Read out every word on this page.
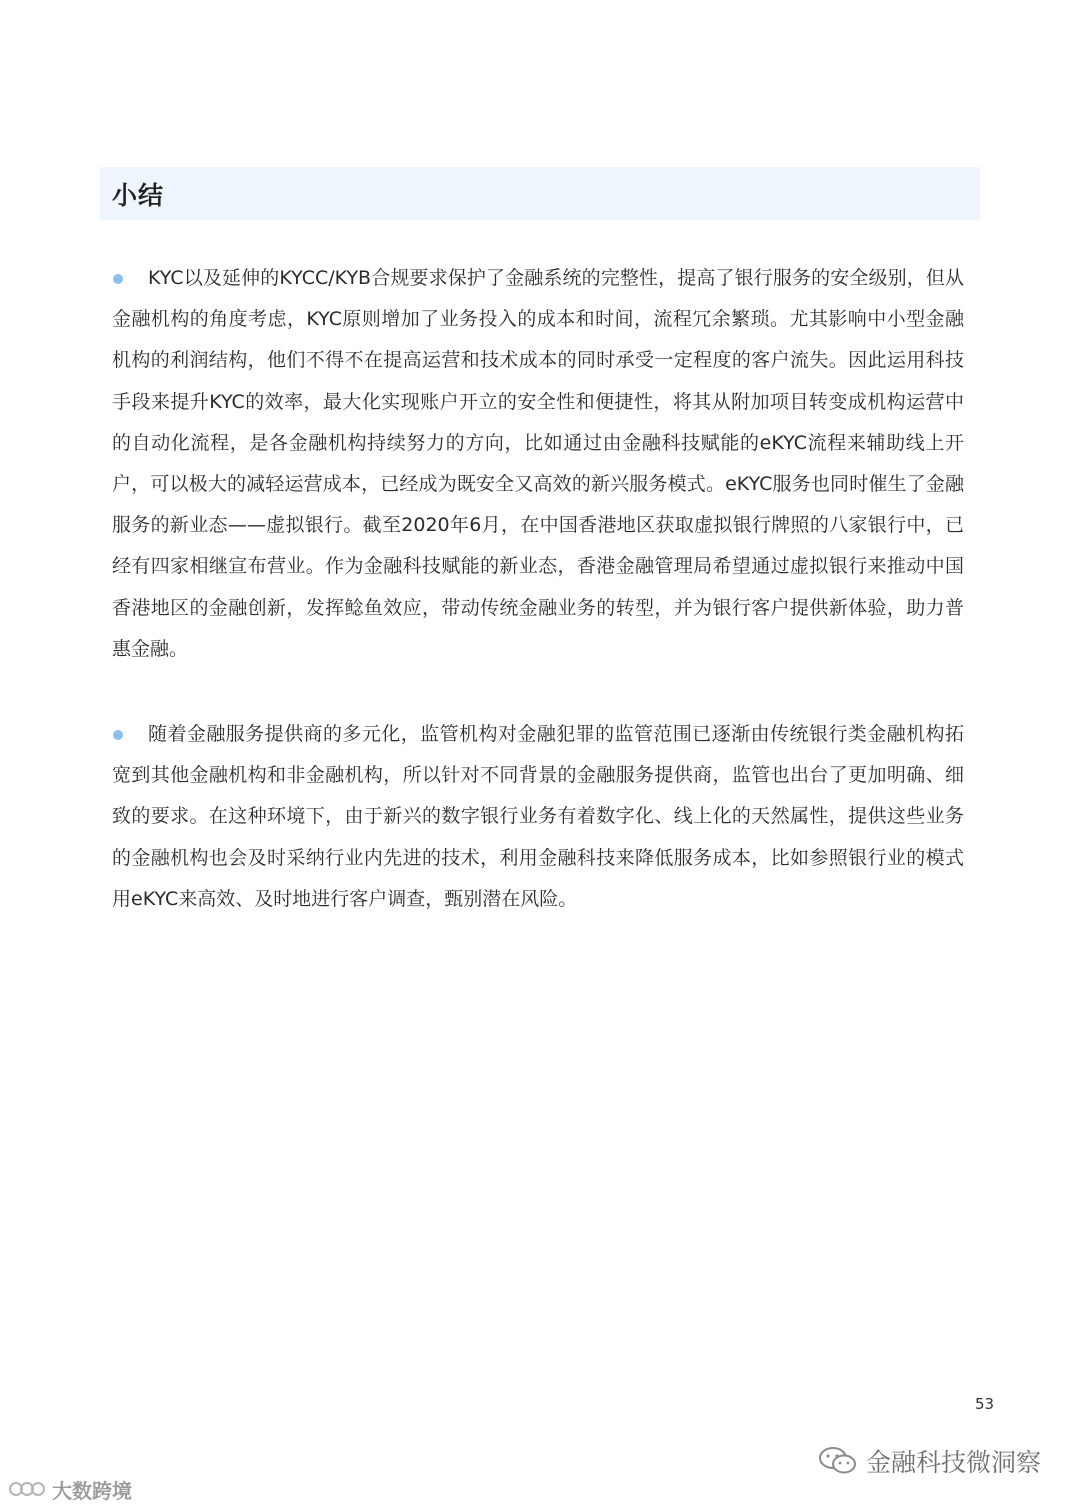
小结

KYC以及延伸的KYCC/KYB合规要求保护了金融系统的完整性，提高了银行服务的安全级别，但从金融机构的角度考虑，KYC原则增加了业务投入的成本和时间，流程冗余繁琐。尤其影响中小型金融机构的利润结构，他们不得不在提高运营和技术成本的同时承受一定程度的客户流失。因此运用科技手段来提升KYC的效率，最大化实现账户开立的安全性和便捷性，将其从附加项目转变成机构运营中的自动化流程，是各金融机构持续努力的方向，比如通过由金融科技赋能的eKYC流程来辅助线上开户，可以极大的减轻运营成本，已经成为既安全又高效的新兴服务模式。eKYC服务也同时催生了金融服务的新业态——虚拟银行。截至2020年6月，在中国香港地区获取虚拟银行牌照的八家银行中，已经有四家相继宣布营业。作为金融科技赋能的新业态，香港金融管理局希望通过虚拟银行来推动中国香港地区的金融创新，发挥鲶鱼效应，带动传统金融业务的转型，并为银行客户提供新体验，助力普惠金融。

随着金融服务提供商的多元化，监管机构对金融犯罪的监管范围已逐渐由传统银行类金融机构拓宽到其他金融机构和非金融机构，所以针对不同背景的金融服务提供商，监管也出台了更加明确、细致的要求。在这种环境下，由于新兴的数字银行业务有着数字化、线上化的天然属性，提供这些业务的金融机构也会及时采纳行业内先进的技术，利用金融科技来降低服务成本，比如参照银行业的模式用eKYC来高效、及时地进行客户调查，甄别潜在风险。

53
金融科技微洞察
大数跨境
